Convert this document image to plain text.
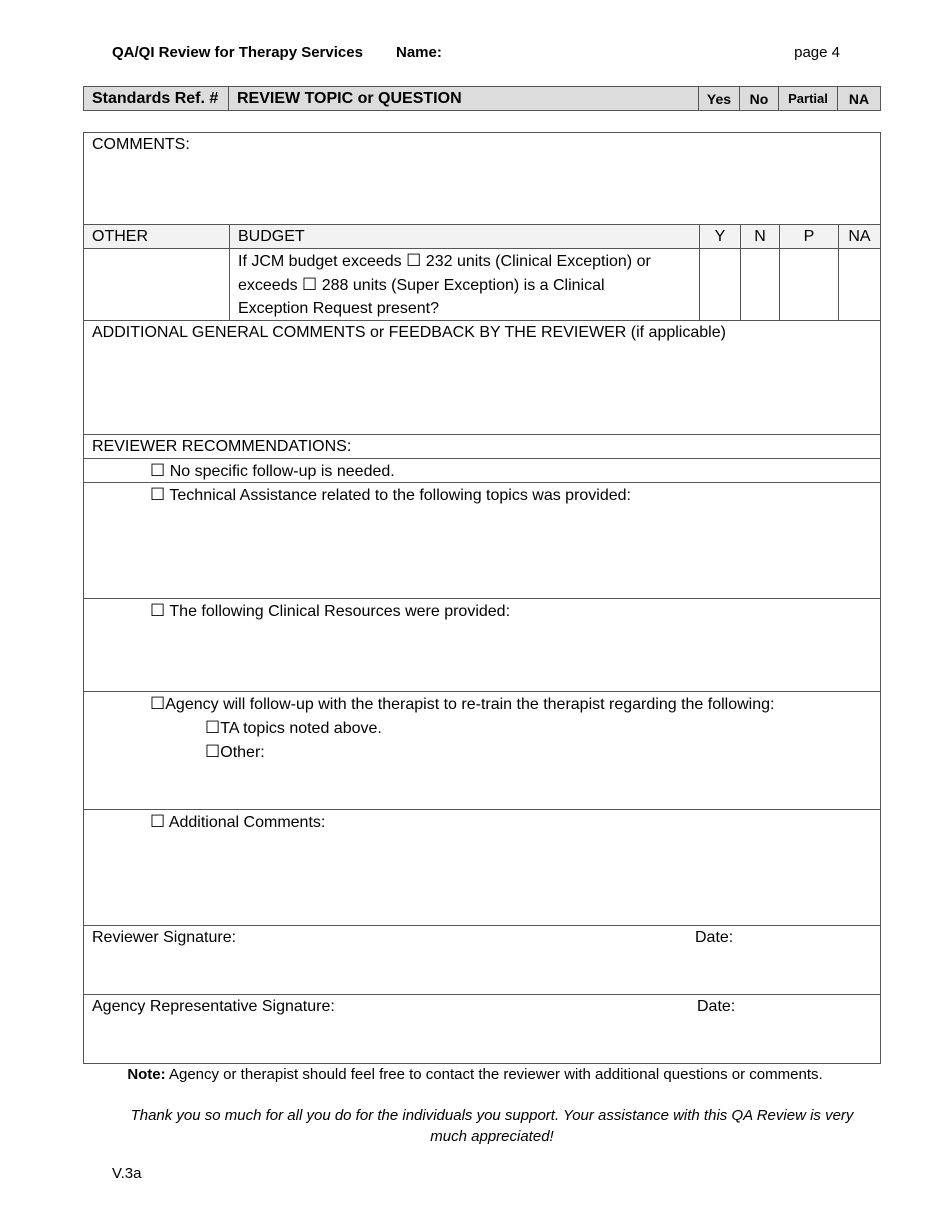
QA/QI Review for Therapy Services Name:	page 4
Standards Ref. #	REVIEW TOPIC or QUESTION	Yes	No	Partial	NA
COMMENTS:
OTHER	BUDGET	Y	N	P	NA
If JCM budget exceeds ☐ 232 units (Clinical Exception) or
exceeds ☐ 288 units (Super Exception) is a Clinical
Exception Request present?
ADDITIONAL GENERAL COMMENTS or FEEDBACK BY THE REVIEWER (if applicable)
REVIEWER RECOMMENDATIONS:
☐ No specific follow-up is needed.
☐ Technical Assistance related to the following topics was provided:
☐ The following Clinical Resources were provided:
☐Agency will follow-up with the therapist to re-train the therapist regarding the following:
☐TA topics noted above.
☐Other:
☐ Additional Comments:
Reviewer Signature:	Date:
Agency Representative Signature:	Date:
Note: Agency or therapist should feel free to contact the reviewer with additional questions or comments.
Thank you so much for all you do for the individuals you support. Your assistance with this QA Review is very much appreciated!
V.3a
